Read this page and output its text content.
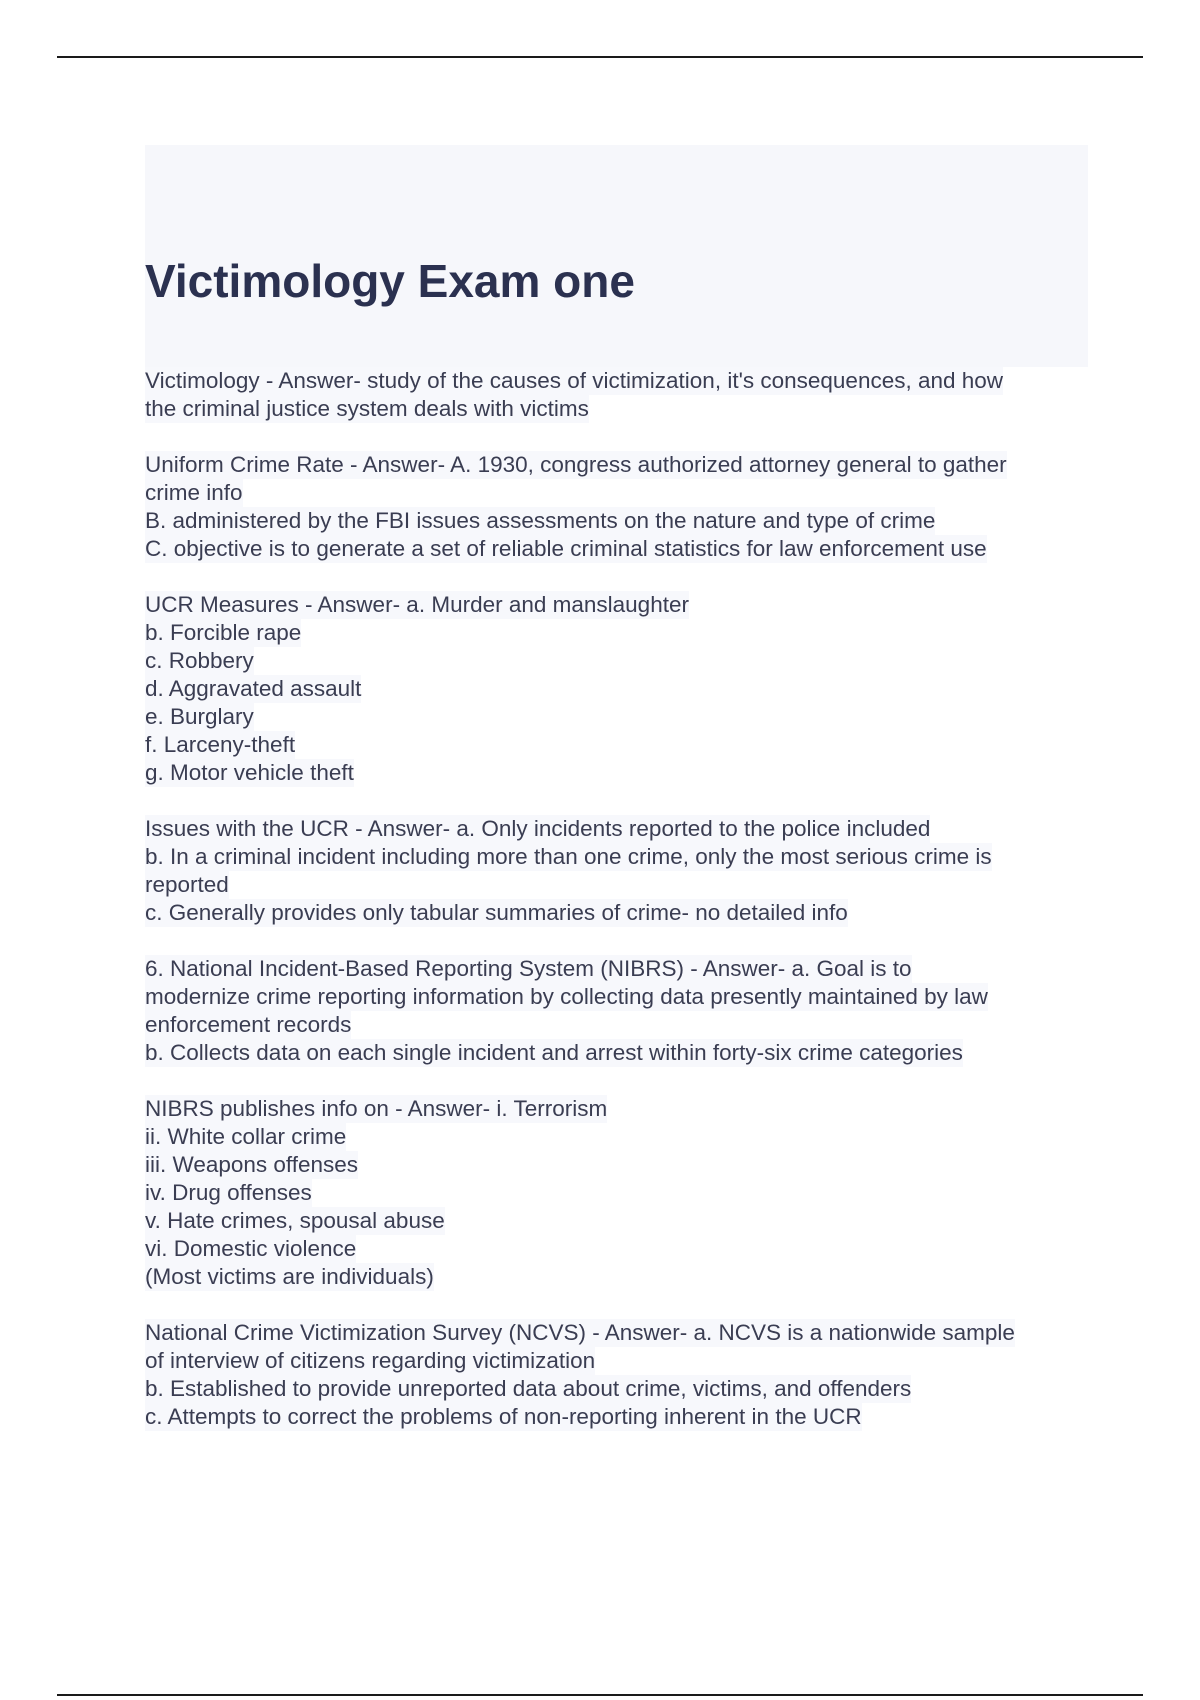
Victimology Exam one
Victimology - Answer- study of the causes of victimization, it's consequences, and how
the criminal justice system deals with victims
Uniform Crime Rate - Answer- A. 1930, congress authorized attorney general to gather
crime info
B. administered by the FBI issues assessments on the nature and type of crime
C. objective is to generate a set of reliable criminal statistics for law enforcement use
UCR Measures - Answer- a. Murder and manslaughter
b. Forcible rape
c. Robbery
d. Aggravated assault
e. Burglary
f. Larceny-theft
g. Motor vehicle theft
Issues with the UCR - Answer- a. Only incidents reported to the police included
b. In a criminal incident including more than one crime, only the most serious crime is
reported
c. Generally provides only tabular summaries of crime- no detailed info
6. National Incident-Based Reporting System (NIBRS) - Answer- a. Goal is to
modernize crime reporting information by collecting data presently maintained by law
enforcement records
b. Collects data on each single incident and arrest within forty-six crime categories
NIBRS publishes info on - Answer- i. Terrorism
ii. White collar crime
iii. Weapons offenses
iv. Drug offenses
v. Hate crimes, spousal abuse
vi. Domestic violence
(Most victims are individuals)
National Crime Victimization Survey (NCVS) - Answer- a. NCVS is a nationwide sample
of interview of citizens regarding victimization
b. Established to provide unreported data about crime, victims, and offenders
c. Attempts to correct the problems of non-reporting inherent in the UCR
